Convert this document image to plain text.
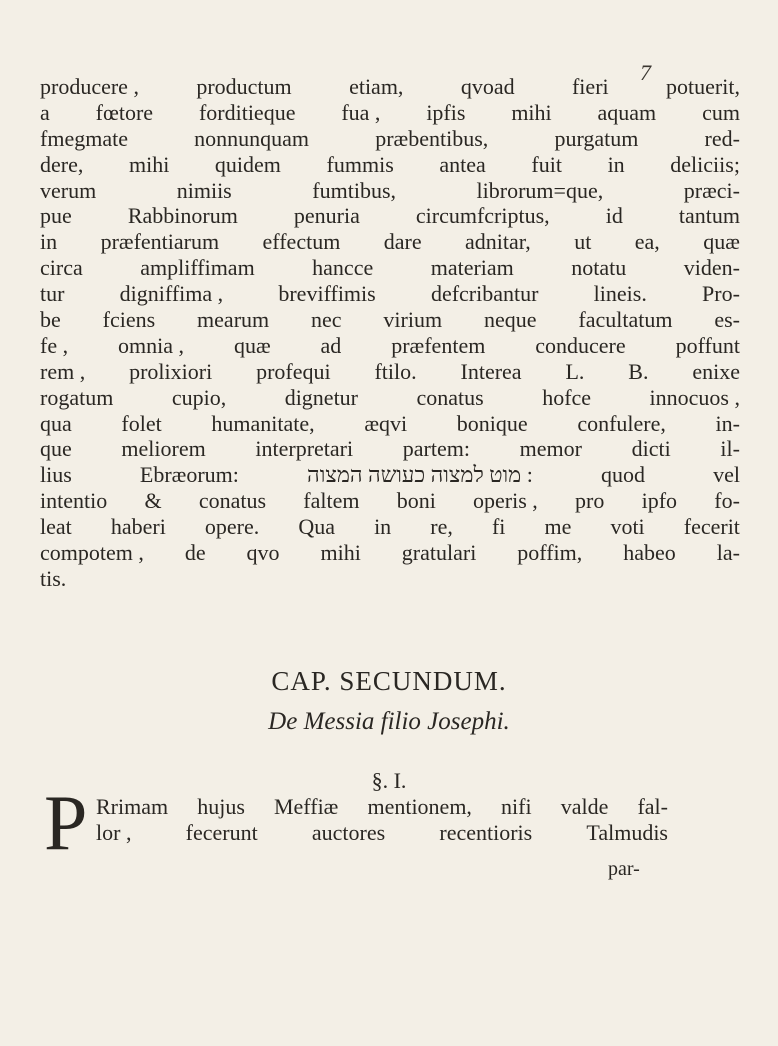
7
producere ,	productum	etiam,	qvoad	fieri	potuerit,
a fœtore forditieque fua , ipfis mihi aquam cum
fmegmate	nonnunquam	præbentibus,	purgatum	red-
dere, mihi quidem fummis antea fuit in deliciis;
verum	nimiis	fumtibus,	librorum=que,	præci-
pue	Rabbinorum	penuria	circumfcriptus,	id	tantum
in præfentiarum effectum dare adnitar, ut ea, quæ
circa	ampliffimam	hancce	materiam	notatu	viden-
tur	digniffima ,	breviffimis	defcribantur	lineis.	Pro-
be fciens mearum nec virium neque facultatum es-
fe , omnia , quæ ad præfentem conducere poffunt
rem , prolixiori profequi ftilo. Interea L. B. enixe
rogatum	cupio,	dignetur	conatus	hofce	innocuos ,
qua folet humanitate, æqvi bonique confulere, in-
que meliorem interpretari partem: memor dicti il-
lius	Ebræorum:	מוט למצוה כעושה המצוה :	quod	vel
intentio & conatus faltem boni operis , pro ipfo fo-
leat haberi opere. Qua in re, fi me voti fecerit
compotem , de qvo mihi gratulari poffim, habeo la-
tis.
CAP. SECUNDUM.
De Messia filio Josephi.
§. I.
P Rrimam hujus Meffiæ mentionem, nifi valde fal-
lor , fecerunt auctores recentioris Talmudis
par-
